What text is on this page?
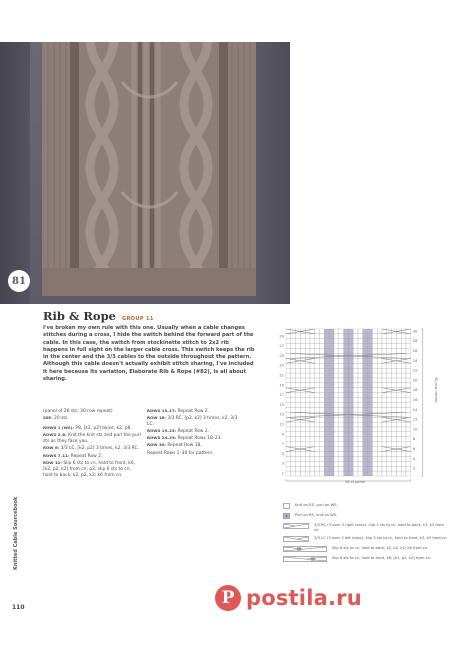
81
Rib & Rope GROUP 11

I've broken my own rule with this one. Usually when a cable changes stitches during a cross, I hide the switch behind the forward part of the cable. In this case, the switch from stockinette stitch to 2x2 rib happens in full sight on the larger cable cross. This switch keeps the rib in the center and the 3/3 cables to the outside throughout the pattern. Although this cable doesn't actually exhibit stitch sharing, I've included it here because its variation, Elaborate Rib & Rope (#82), is all about sharing.

(panel of 26 sts; 30-row repeat)

SSE: 20 sts

ROWS 1 (WS): P8, [k2, p2] twice, k2, p8.

ROWS 2–6: Knit the knit sts and purl the purl sts as they face you.

ROW 6: 3/3 LC, [k2, p2] 3 times, k2, 3/3 RC.

ROWS 7–11: Repeat Row 2.

ROW 12: Slip 6 sts to cn, hold to front, k6, [k2, p2, k2] from cn; p2, slip 6 sts to cn, hold to back, k2, p2, k2; k6 from cn.

ROWS 13–17: Repeat Row 2.

ROW 18: 3/3 RC, [p2, k2] 3 times, k2, 3/3 LC.

ROWS 19–23: Repeat Row 2.

ROWS 24–29: Repeat Rows 18–23.

ROW 30: Repeat Row 18.

Repeat Rows 1–30 for pattern.

29
27
25
23
21
19
17
15
13
11
9
7
5
3
1
30
28
26
24
22
20
18
16
14
12
10
8
6
4
2
30-row repeat
26-st panel
Knit on RS, purl on WS.
Purl on RS, knit on WS.
3/3 RC (3 over 3 right cross): Slip 3 sts to cn, hold to back, k3, k3 from cn.
3/3 LC (3 over 3 left cross): Slip 3 sts to cn, hold to front, k3, k3 from cn.
Slip 6 sts to cn, hold to back, k2, p2, k2; k6 from cn.
Slip 6 sts to cn, hold to front, k6; [k2, p2, k2] from cn.
Knitted Cable Sourcebook
110	P postila.ru
